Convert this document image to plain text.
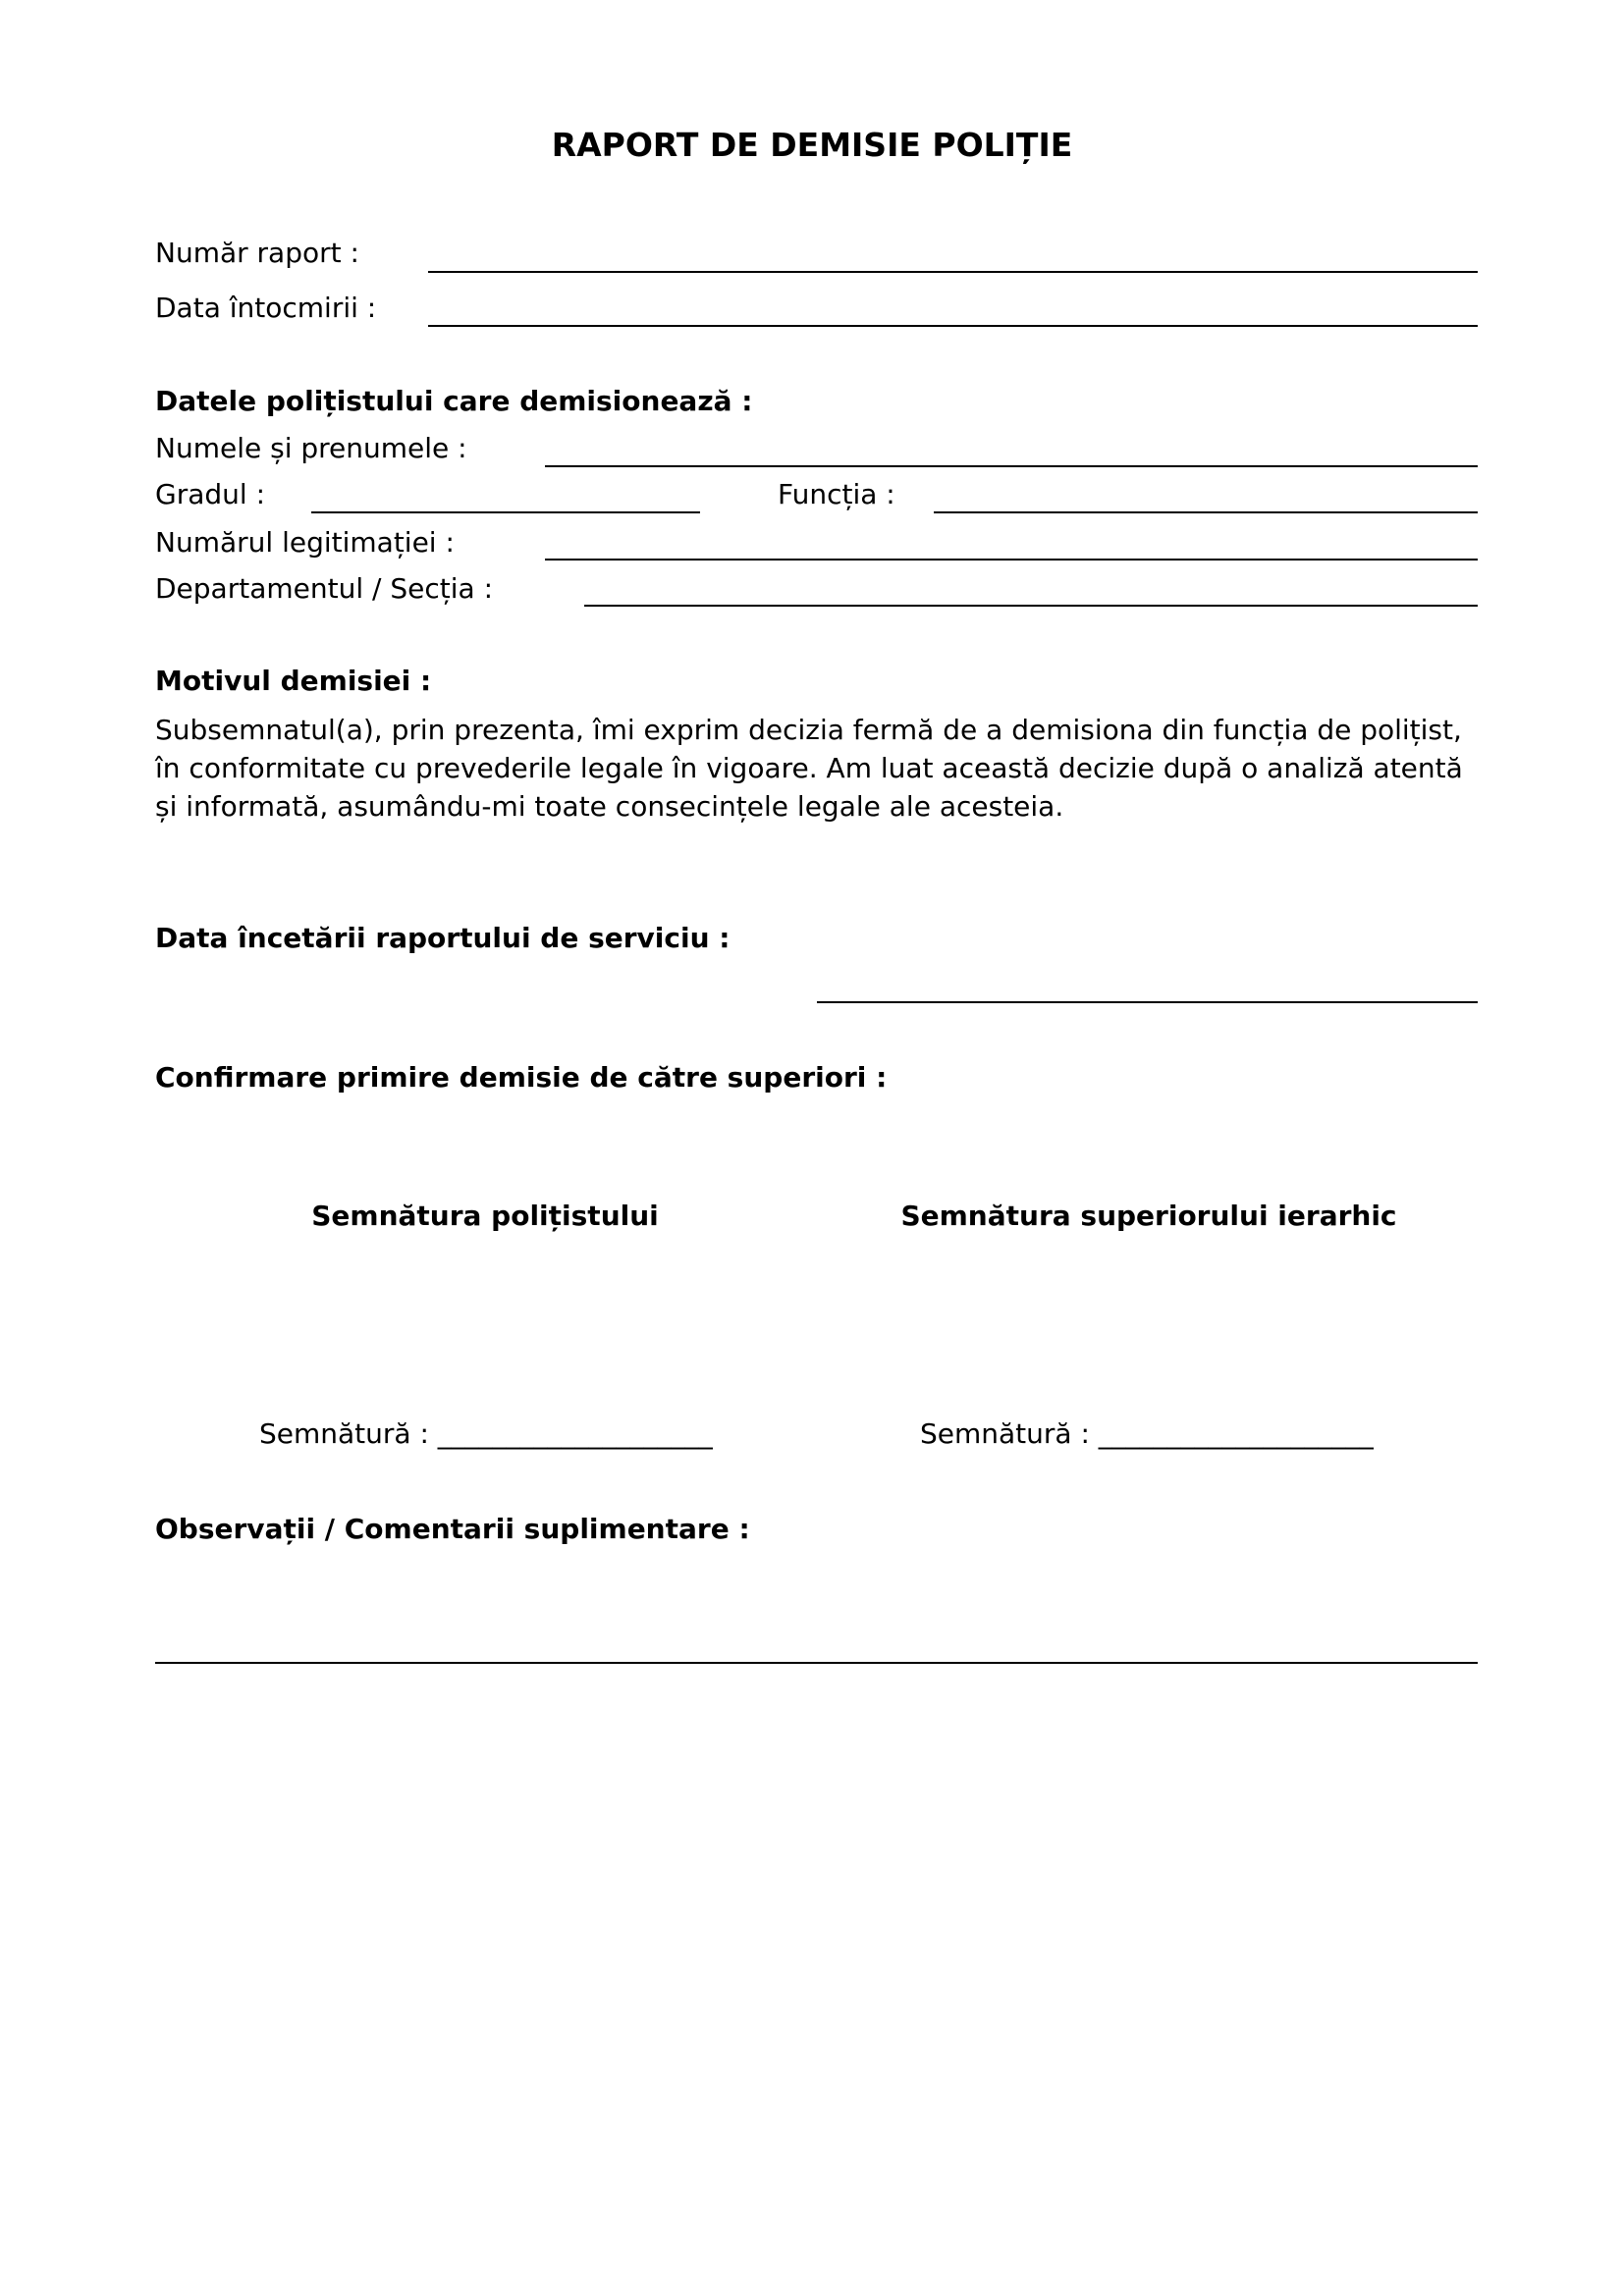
RAPORT DE DEMISIE POLIȚIE
Număr raport :
Data întocmirii :
Datele polițistului care demisionează :
Numele și prenumele :
Gradul :	Funcția :
Numărul legitimației :
Departamentul / Secția :
Motivul demisiei :
Subsemnatul(a), prin prezenta, îmi exprim decizia fermă de a demisiona din funcția de polițist,
în conformitate cu prevederile legale în vigoare. Am luat această decizie după o analiză atentă
și informată, asumându-mi toate consecințele legale ale acesteia.
Data încetării raportului de serviciu :
Confirmare primire demisie de către superiori :
Semnătura polițistului	Semnătura superiorului ierarhic
Semnătură : ____________________	Semnătură : ____________________
Observații / Comentarii suplimentare :
